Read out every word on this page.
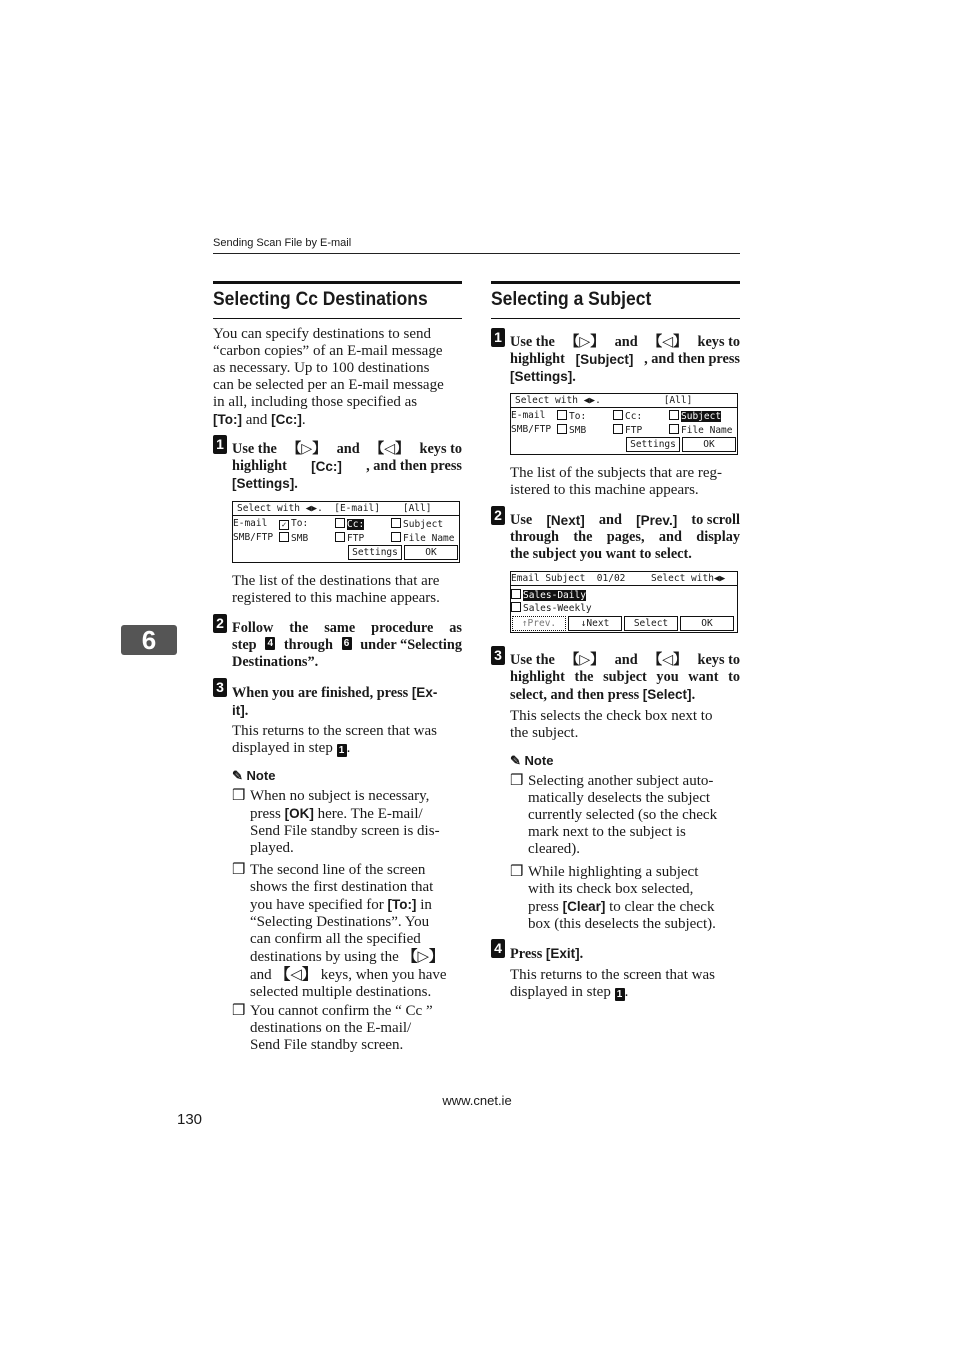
Sending Scan File by E-mail
6
Selecting Cc Destinations
You can specify destinations to send
“carbon copies” of an E-mail message
as necessary. Up to 100 destinations
can be selected per an E-mail message
in all, including those specified as
[To:] and [Cc:].
1 Use the 【▷】 and 【◁】 keys to
highlight [Cc:] , and then press
[Settings].
Select with ◀▶.  [E-mail]    [All]
E-mail	✓ To:	Cc:	Subject
SMB/FTP	SMB	FTP	File Name
Settings	OK
The list of the destinations that are
registered to this machine appears.
2 Follow the same procedure as
step 4 through 6 under “Selecting
Destinations”.
3 When you are finished, press [Ex-
it].
This returns to the screen that was
displayed in step 1 .
✎ Note
❒ When no subject is necessary,
press [OK] here. The E-mail/
Send File standby screen is dis-
played.
❒ The second line of the screen
shows the first destination that
you have specified for [To:] in
“Selecting Destinations”. You
can confirm all the specified
destinations by using the 【▷】
and 【◁】 keys, when you have
selected multiple destinations.
❒ You cannot confirm the “ Cc ”
destinations on the E-mail/
Send File standby screen.
Selecting a Subject
1 Use the 【▷】 and 【◁】 keys to
highlight [Subject] , and then press
[Settings].
Select with ◀▶.           [All]
E-mail	To:	Cc:	Subject
SMB/FTP	SMB	FTP	File Name
Settings	OK
The list of the subjects that are reg-
istered to this machine appears.
2 Use [Next] and [Prev.] to scroll
through the pages, and display
the subject you want to select.
Email Subject  01/02	Select with◀▶
Sales-Daily
Sales-Weekly
↑Prev.	↓Next	Select	OK
3 Use the 【▷】 and 【◁】 keys to
highlight the subject you want to
select, and then press [Select].
This selects the check box next to
the subject.
✎ Note
❒ Selecting another subject auto-
matically deselects the subject
currently selected (so the check
mark next to the subject is
cleared).
❒ While highlighting a subject
with its check box selected,
press [Clear] to clear the check
box (this deselects the subject).
4 Press [Exit].
This returns to the screen that was
displayed in step 1 .
www.cnet.ie
130
